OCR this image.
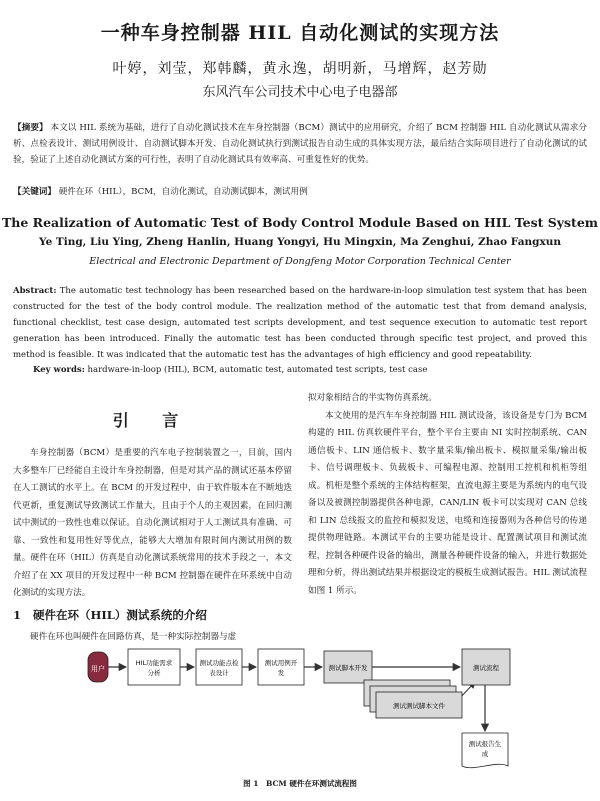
一种车身控制器 HIL 自动化测试的实现方法
叶婷，刘莹，郑韩麟，黄永逸，胡明新，马增辉，赵芳勋
东风汽车公司技术中心电子电器部
【摘要】 本文以 HIL 系统为基础，进行了自动化测试技术在车身控制器（BCM）测试中的应用研究，介绍了 BCM 控制器 HIL 自动化测试从需求分析、点检表设计、测试用例设计、自动测试脚本开发、自动化测试执行到测试报告自动生成的具体实现方法，最后结合实际项目进行了自动化测试的试验，验证了上述自动化测试方案的可行性，表明了自动化测试具有效率高、可重复性好的优势。
【关键词】 硬件在环（HIL），BCM，自动化测试，自动测试脚本，测试用例
The Realization of Automatic Test of Body Control Module Based on HIL Test System
Ye Ting, Liu Ying, Zheng Hanlin, Huang Yongyi, Hu Mingxin, Ma Zenghui, Zhao Fangxun
Electrical and Electronic Department of Dongfeng Motor Corporation Technical Center
Abstract: The automatic test technology has been researched based on the hardware-in-loop simulation test system that has been constructed for the test of the body control module. The realization method of the automatic test that from demand analysis, functional checklist, test case design, automated test scripts development, and test sequence execution to automatic test report generation has been introduced. Finally the automatic test has been conducted through specific test project, and proved this method is feasible. It was indicated that the automatic test has the advantages of high efficiency and good repeatability.
Key words: hardware-in-loop (HIL), BCM, automatic test, automated test scripts, test case
引 言

车身控制器（BCM）是重要的汽车电子控制装置之一，目前，国内大多整车厂已经能自主设计车身控制器，但是对其产品的测试还基本停留在人工测试的水平上。在 BCM 的开发过程中，由于软件版本在不断地迭代更新，重复测试导致测试工作量大，且由于个人的主观因素，在回归测试中测试的一致性也难以保证。自动化测试相对于人工测试具有准确、可靠、一致性和复用性好等优点，能够大大增加有限时间内测试用例的数量。硬件在环（HIL）仿真是自动化测试系统常用的技术手段之一，本文介绍了在 XX 项目的开发过程中一种 BCM 控制器在硬件在环系统中自动化测试的实现方法。

1 硬件在环（HIL）测试系统的介绍

硬件在环也叫硬件在回路仿真，是一种实际控制器与虚

拟对象相结合的半实物仿真系统。

本文使用的是汽车车身控制器 HIL 测试设备，该设备是专门为 BCM 构建的 HIL 仿真软硬件平台，整个平台主要由 NI 实时控制系统、CAN 通信板卡、LIN 通信板卡、数字量采集/输出板卡、模拟量采集/输出板卡、信号调理板卡、负载板卡、可编程电源、控制用工控机和机柜等组成。机柜是整个系统的主体结构框架，直流电源主要是为系统内的电气设备以及被测控制器提供各种电源，CAN/LIN 板卡可以实现对 CAN 总线和 LIN 总线报文的监控和模拟发送，电缆和连接器则为各种信号的传递提供物理链路。本测试平台的主要功能是设计、配置测试项目和测试流程，控制各种硬件设备的输出，测量各种硬件设备的输入，并进行数据处理和分析，得出测试结果并根据设定的模板生成测试报告。HIL 测试流程如图 1 所示。

用户
HIL功能需求
分析
测试功能点检
表设计
测试用例开
发
测试脚本开发	测试流程
测试测试脚本文件
测试报告生
成
图 1　BCM 硬件在环测试流程图
